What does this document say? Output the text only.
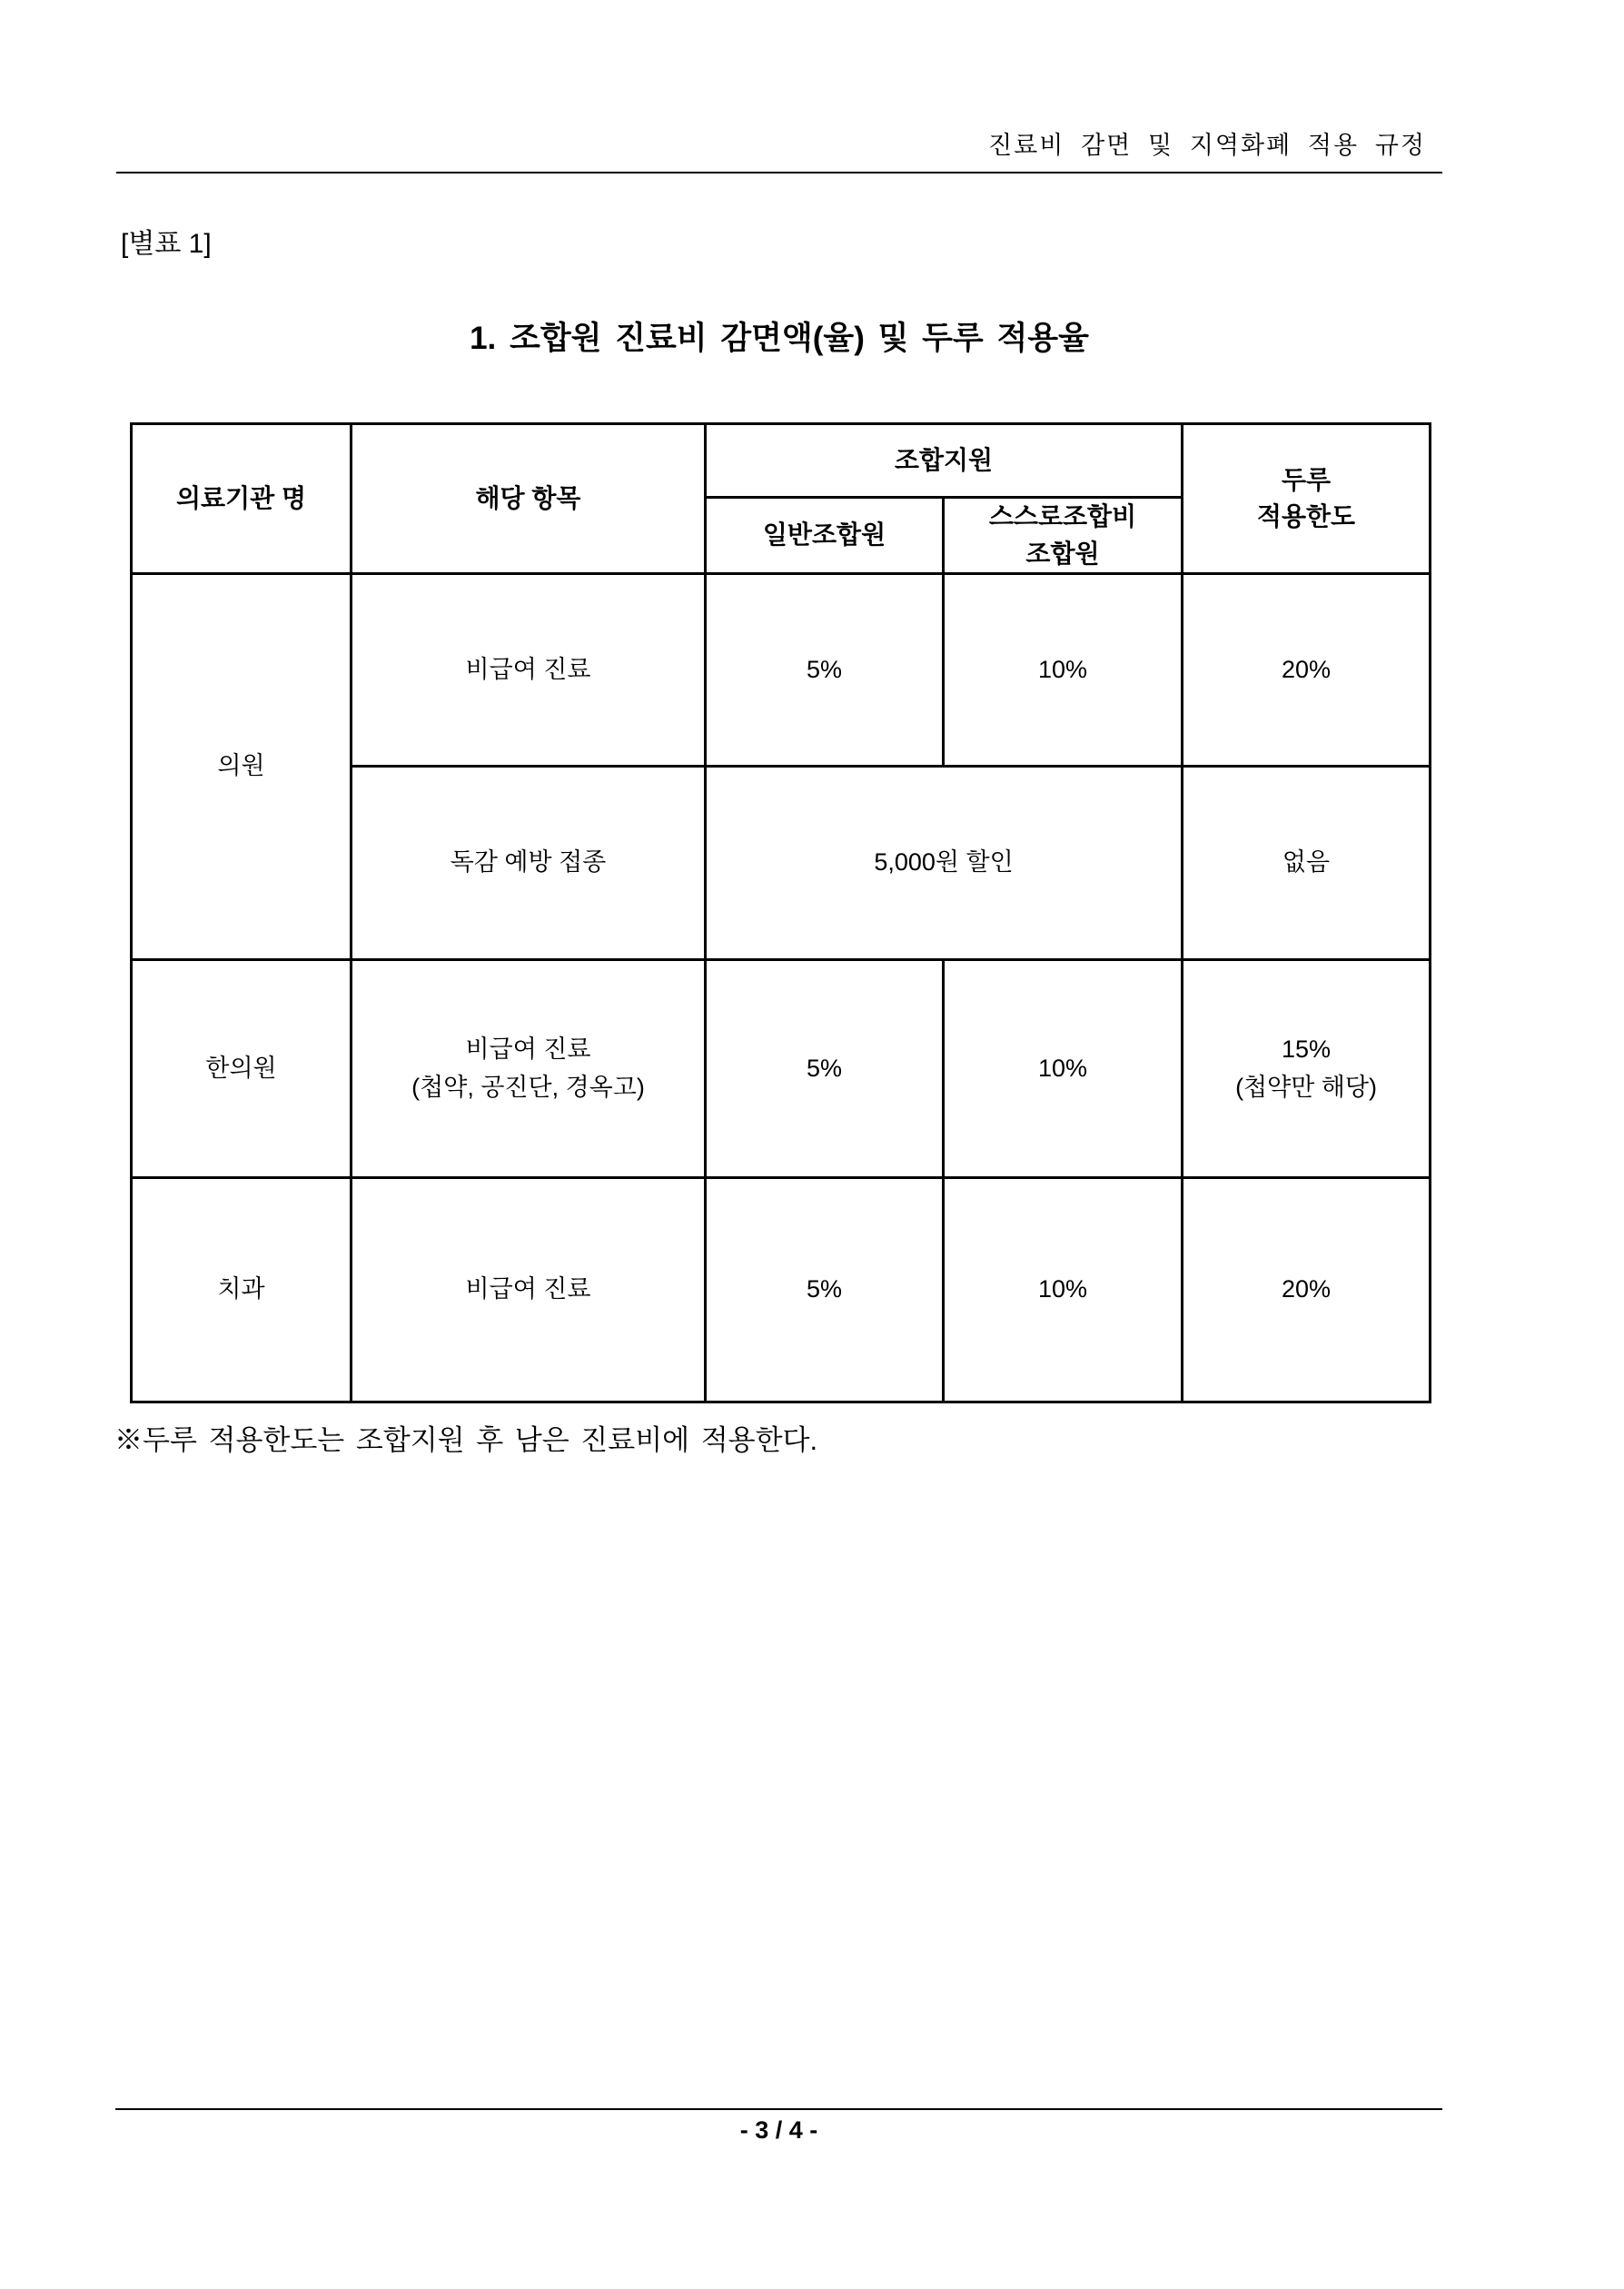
진료비 감면 및 지역화폐 적용 규정
[별표 1]
1. 조합원 진료비 감면액(율) 및 두루 적용율
의료기관 명	해당 항목	조합지원		두루
적용한도

		일반조합원	스스로조합비
조합원	

의원	비급여 진료	5%	10%	20%
	독감 예방 접종	5,000원 할인		없음
한의원	비급여 진료
(첩약, 공진단, 경옥고)	5%	10%	15%
(첩약만 해당)

치과	비급여 진료	5%	10%	20%
※두루 적용한도는 조합지원 후 남은 진료비에 적용한다.
- 3 / 4 -
